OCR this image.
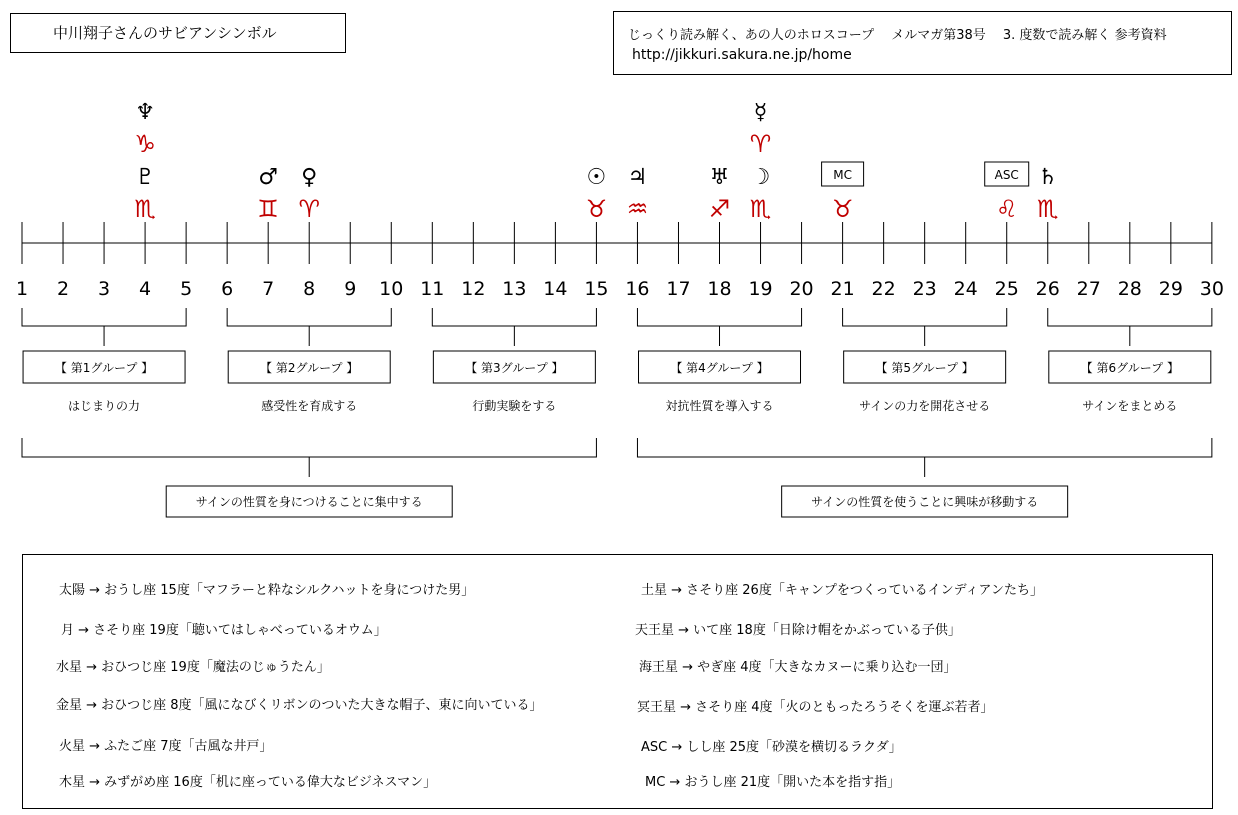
中川翔子さんのサビアンシンボル	じっくり読み解く、あの人のホロスコープ　 メルマガ第38号　 3. 度数で読み解く 参考資料
http://jikkuri.sakura.ne.jp/home
1 2 3 4 5 6 7 8 9 10 11 12 13 14 15 16 17 18 19 20 21 22 23 24 25 26 27 28 29 30
♆
♑
♇
♏
♂
♊
♀
♈
☉
♉
♃
♒
♅
♐
☽
♏
☿
♈
MC
♉
ASC
♌
♄
♏
【 第1グループ 】
はじまりの力
【 第2グループ 】
感受性を育成する
【 第3グループ 】
行動実験をする
【 第4グループ 】
対抗性質を導入する
【 第5グループ 】
サインの力を開花させる
【 第6グループ 】
サインをまとめる
サインの性質を身につけることに集中する	サインの性質を使うことに興味が移動する
太陽 → おうし座 15度「マフラーと粋なシルクハットを身につけた男」
月 → さそり座 19度「聴いてはしゃべっているオウム」
水星 → おひつじ座 19度「魔法のじゅうたん」
金星 → おひつじ座 8度「風になびくリボンのついた大きな帽子、東に向いている」
火星 → ふたご座 7度「古風な井戸」
木星 → みずがめ座 16度「机に座っている偉大なビジネスマン」
土星 → さそり座 26度「キャンプをつくっているインディアンたち」
天王星 → いて座 18度「日除け帽をかぶっている子供」
海王星 → やぎ座 4度「大きなカヌーに乗り込む一団」
冥王星 → さそり座 4度「火のともったろうそくを運ぶ若者」
ASC → しし座 25度「砂漠を横切るラクダ」
MC → おうし座 21度「開いた本を指す指」
